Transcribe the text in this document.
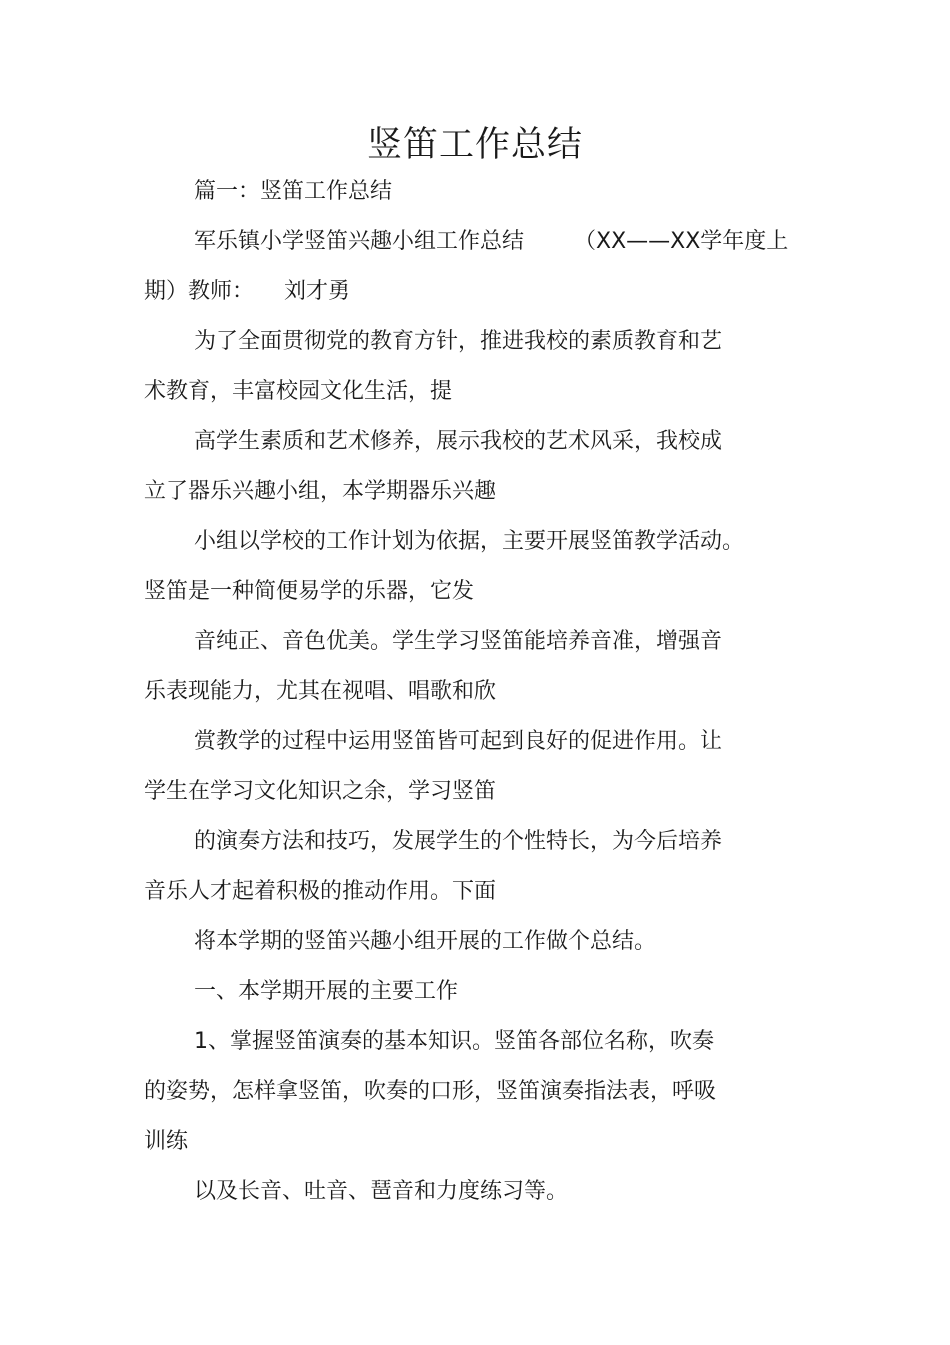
竖笛工作总结

篇一：竖笛工作总结

军乐镇小学竖笛兴趣小组工作总结 （XX——XX学年度上

期）教师： 刘才勇

为了全面贯彻党的教育方针，推进我校的素质教育和艺

术教育，丰富校园文化生活，提

高学生素质和艺术修养，展示我校的艺术风采，我校成

立了器乐兴趣小组，本学期器乐兴趣

小组以学校的工作计划为依据，主要开展竖笛教学活动。

竖笛是一种简便易学的乐器，它发

音纯正、音色优美。学生学习竖笛能培养音准，增强音

乐表现能力，尤其在视唱、唱歌和欣

赏教学的过程中运用竖笛皆可起到良好的促进作用。让

学生在学习文化知识之余，学习竖笛

的演奏方法和技巧，发展学生的个性特长，为今后培养

音乐人才起着积极的推动作用。下面

将本学期的竖笛兴趣小组开展的工作做个总结。

一、本学期开展的主要工作

1、掌握竖笛演奏的基本知识。竖笛各部位名称，吹奏

的姿势，怎样拿竖笛，吹奏的口形，竖笛演奏指法表，呼吸

训练

以及长音、吐音、琶音和力度练习等。
